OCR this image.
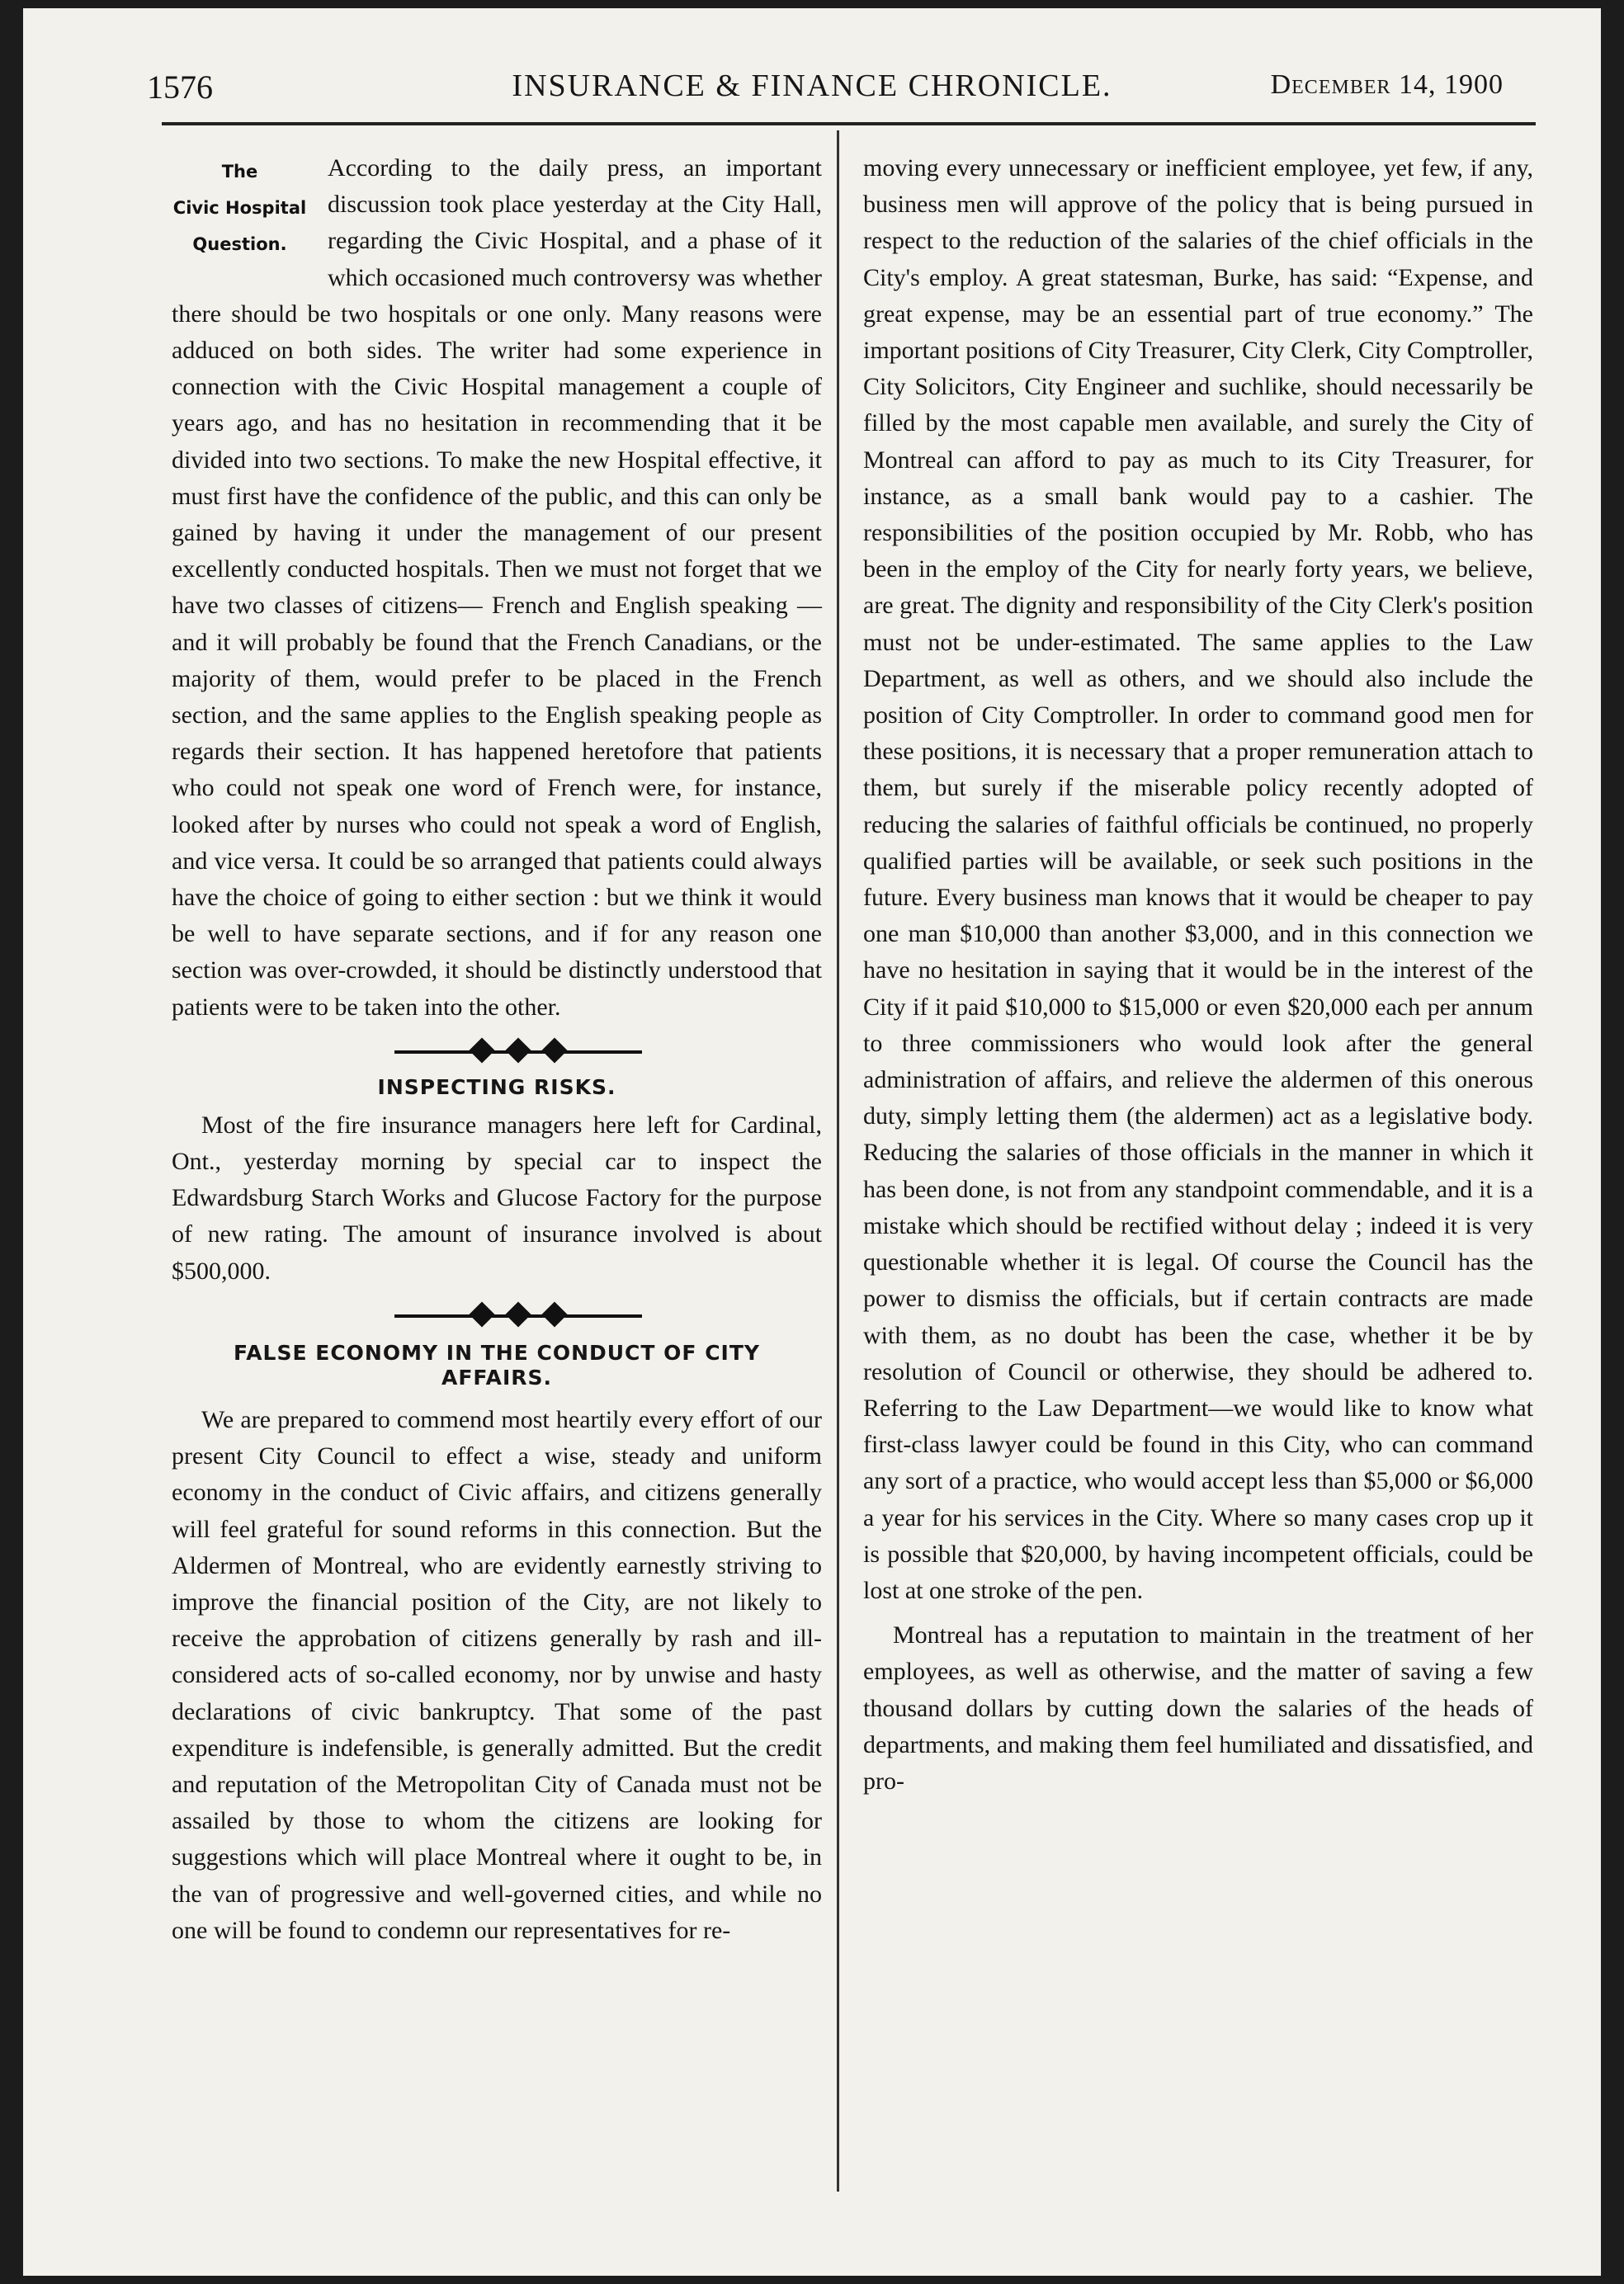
1576	INSURANCE & FINANCE CHRONICLE.	December 14, 1900
The
Civic Hospital
Question.

According to the daily press, an important discussion took place yesterday at the City Hall, regarding the Civic Hospital, and a phase of it which occasioned much controversy was whether there should be two hospitals or one only. Many reasons were adduced on both sides. The writer had some experience in connection with the Civic Hospital management a couple of years ago, and has no hesitation in recommending that it be divided into two sections. To make the new Hospital effective, it must first have the confidence of the public, and this can only be gained by having it under the management of our present excellently conducted hospitals. Then we must not forget that we have two classes of citizens— French and English speaking — and it will probably be found that the French Canadians, or the majority of them, would prefer to be placed in the French section, and the same applies to the English speaking people as regards their section. It has happened heretofore that patients who could not speak one word of French were, for instance, looked after by nurses who could not speak a word of English, and vice versa. It could be so arranged that patients could always have the choice of going to either section : but we think it would be well to have separate sections, and if for any reason one section was over-crowded, it should be distinctly understood that patients were to be taken into the other.

INSPECTING RISKS.

Most of the fire insurance managers here left for Cardinal, Ont., yesterday morning by special car to inspect the Edwardsburg Starch Works and Glucose Factory for the purpose of new rating. The amount of insurance involved is about $500,000.

FALSE ECONOMY IN THE CONDUCT OF CITY
AFFAIRS.

We are prepared to commend most heartily every effort of our present City Council to effect a wise, steady and uniform economy in the conduct of Civic affairs, and citizens generally will feel grateful for sound reforms in this connection. But the Aldermen of Montreal, who are evidently earnestly striving to improve the financial position of the City, are not likely to receive the approbation of citizens generally by rash and ill-considered acts of so-called economy, nor by unwise and hasty declarations of civic bankruptcy. That some of the past expenditure is indefensible, is generally admitted. But the credit and reputation of the Metropolitan City of Canada must not be assailed by those to whom the citizens are looking for suggestions which will place Montreal where it ought to be, in the van of progressive and well-governed cities, and while no one will be found to condemn our representatives for re-

moving every unnecessary or inefficient employee, yet few, if any, business men will approve of the policy that is being pursued in respect to the reduction of the salaries of the chief officials in the City's employ. A great statesman, Burke, has said: “Expense, and great expense, may be an essential part of true economy.” The important positions of City Treasurer, City Clerk, City Comptroller, City Solicitors, City Engineer and suchlike, should necessarily be filled by the most capable men available, and surely the City of Montreal can afford to pay as much to its City Treasurer, for instance, as a small bank would pay to a cashier. The responsibilities of the position occupied by Mr. Robb, who has been in the employ of the City for nearly forty years, we believe, are great. The dignity and responsibility of the City Clerk's position must not be under-estimated. The same applies to the Law Department, as well as others, and we should also include the position of City Comptroller. In order to command good men for these positions, it is necessary that a proper remuneration attach to them, but surely if the miserable policy recently adopted of reducing the salaries of faithful officials be continued, no properly qualified parties will be available, or seek such positions in the future. Every business man knows that it would be cheaper to pay one man $10,000 than another $3,000, and in this connection we have no hesitation in saying that it would be in the interest of the City if it paid $10,000 to $15,000 or even $20,000 each per annum to three commissioners who would look after the general administration of affairs, and relieve the aldermen of this onerous duty, simply letting them (the aldermen) act as a legislative body. Reducing the salaries of those officials in the manner in which it has been done, is not from any standpoint commendable, and it is a mistake which should be rectified without delay ; indeed it is very questionable whether it is legal. Of course the Council has the power to dismiss the officials, but if certain contracts are made with them, as no doubt has been the case, whether it be by resolution of Council or otherwise, they should be adhered to. Referring to the Law Department—we would like to know what first-class lawyer could be found in this City, who can command any sort of a practice, who would accept less than $5,000 or $6,000 a year for his services in the City. Where so many cases crop up it is possible that $20,000, by having incompetent officials, could be lost at one stroke of the pen.

Montreal has a reputation to maintain in the treatment of her employees, as well as otherwise, and the matter of saving a few thousand dollars by cutting down the salaries of the heads of departments, and making them feel humiliated and dissatisfied, and pro-
